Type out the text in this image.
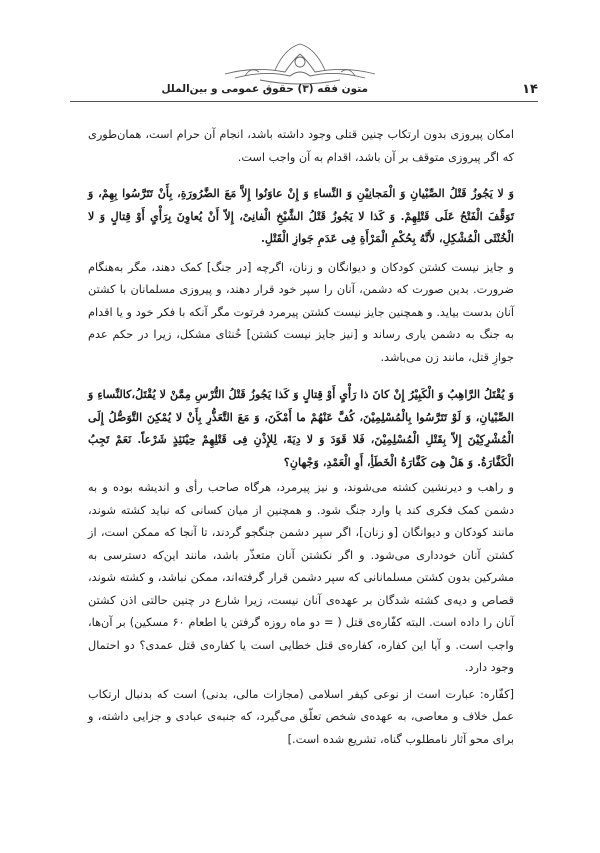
۱۴
متون فقه (۳) حقوق عمومی و بین‌الملل

امکان پیروزی بدون ارتکاب چنین قتلی وجود داشته باشد، انجام آن حرام است، همان‌طوری که اگر پیروزی متوقف بر آن باشد، اقدام به آن واجب است.

وَ لا یَجُوزُ قَتْلُ الصِّبْیانِ وَ الْمَجانِیْنِ وَ النِّساءِ وَ إِنْ عاوَنُوا إِلاَّ مَعَ الضَّرُورَةِ، بِأَنْ تَتَرَّسُوا بِهِمْ، وَ تَوَقَّفَ الْفَتْحُ عَلَى قَتْلِهِمْ. وَ كَذا لا یَجُوزُ قَتْلُ الشَّیْخِ الْفانِیْ، إِلاّ أَنْ یُعاوِنَ بِرَأْیٍ أَوْ قِتالٍ وَ لا الْخُنْثَى الْمُشْكِلِ، لأَنَّهُ بِحُكْمِ الْمَرْأَةِ فِی عَدَمِ جَوازِ الْقَتْلِ.

و جایز نیست کشتن کودکان و دیوانگان و زنان، اگرچه [در جنگ] کمک دهند، مگر به‌هنگام ضرورت. بدین صورت که دشمن، آنان را سپر خود قرار دهند، و پیروزی مسلمانان با کشتن آنان بدست بیاید. و همچنین جایز نیست کشتن پیرمرد فرتوت مگر آنکه با فکر خود و یا اقدام به جنگ به دشمن یاری رساند و [نیز جایز نیست کشتن] خُنثای مشکل، زیرا در حکم عدم جوازِ قتل، مانند زن می‌باشد.

وَ یُقْتَلُ الرَّاهِبُ وَ الْكَبِیْرُ إِنْ كانَ ذا رَأْیٍ أَوْ قِتالٍ وَ كَذا یَجُوزُ قَتْلُ التُّرْسِ مِمَّنْ لا یُقْتَلُ،كالنِّساءِ وَ الصِّبْیانِ، وَ لَوْ تَتَرَّسُوا بِالْمُسْلِمِیْنَ، كُفَّ عَنْهُمْ ما أَمْكَنَ، وَ مَعَ التَّعَذُّرِ بِأَنْ لا یُمْكِنَ التَّوَصُّلُ إِلَى الْمُشْرِكِیْنَ إِلاّ بِقَتْلِ الْمُسْلِمِیْنَ، فَلا قَوَدَ وَ لا دِیَةَ، لِلإِذْنِ فِی قَتْلِهِمْ حِیْنَئِذٍ شَرْعاً. نَعَمْ تَجِبُ الْكَفَّارَةُ. وَ هَلْ هِیَ كَفَّارَةُ الْخَطَأِ، أَوِ الْعَمْدِ، وَجْهانِ؟

و راهب و دیرنشین کشته می‌شوند، و نیز پیرمرد، هرگاه صاحب رأی و اندیشه بوده و به دشمن کمک فکری کند یا وارد جنگ شود. و همچنین از میان کسانی که نباید کشته شوند، مانند کودکان و دیوانگان [و زنان]، اگر سپر دشمن جنگجو گردند، تا آنجا که ممکن است، از کشتن آنان خودداری می‌شود. و اگر نکشتن آنان متعذّر باشد، مانند این‌که دسترسی به مشرکین بدون کشتن مسلمانانی که سپر دشمن قرار گرفته‌اند، ممکن نباشد، و کشته شوند، قصاص و دیه‌ی کشته شدگان بر عهده‌ی آنان نیست، زیرا شارع در چنین حالتی اذن کشتن آنان را داده است. البته کفّاره‌ی قتل ( = دو ماه روزه گرفتن یا اطعام ۶۰ مسکین) بر آن‌ها، واجب است. و آیا این کفاره، کفاره‌ی قتل خطایی است یا کفاره‌ی قتل عمدی؟ دو احتمال وجود دارد.

[کفّاره: عبارت است از نوعی کیفر اسلامی (مجازات مالی، بدنی) است که بدنبال ارتکاب عمل خلاف و معاصی، به عهده‌ی شخص تعلّق می‌گیرد، که جنبه‌ی عبادی و جزایی داشته، و برای محو آثار نامطلوب گناه، تشریع شده است.]
